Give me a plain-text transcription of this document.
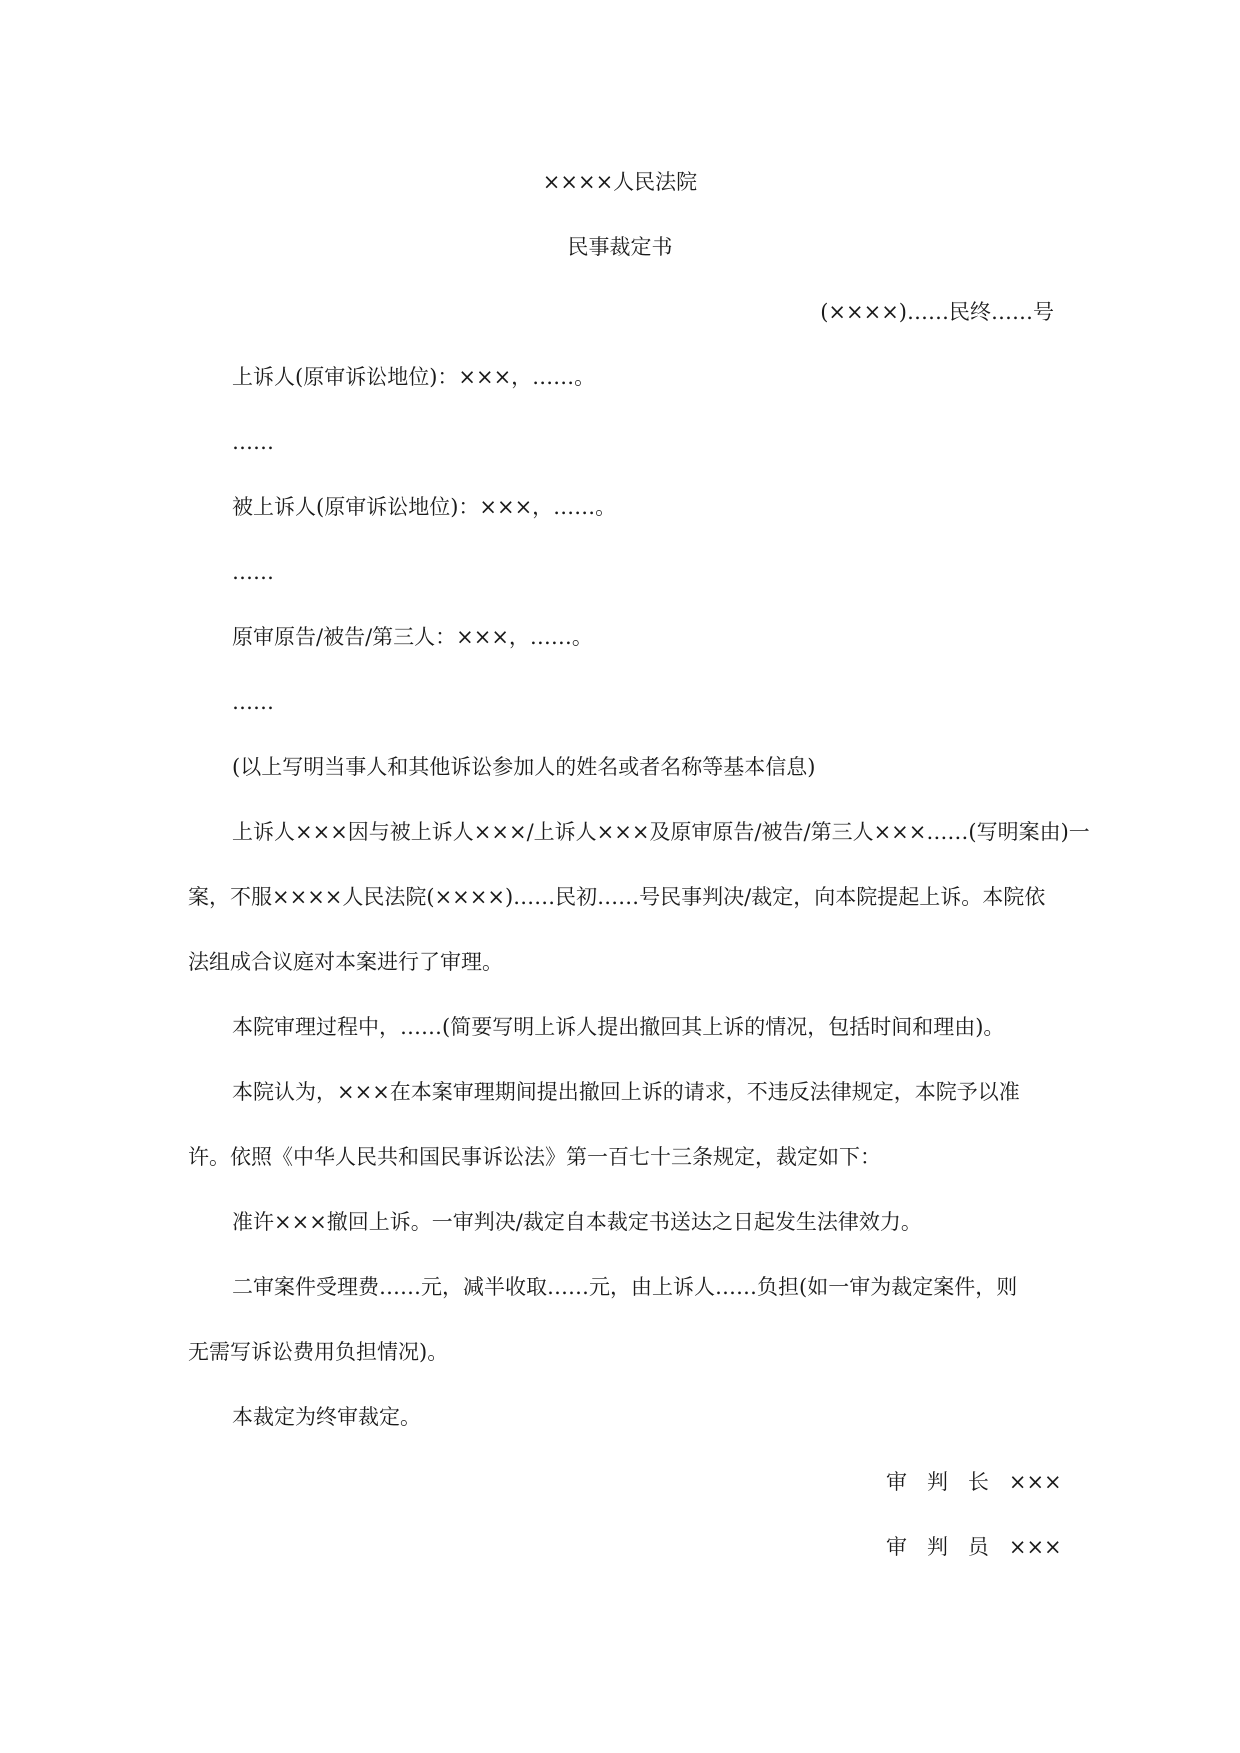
××××人民法院
民事裁定书
(××××)……民终……号
上诉人(原审诉讼地位)：×××，……。
……
被上诉人(原审诉讼地位)：×××，……。
……
原审原告/被告/第三人：×××，……。
……
(以上写明当事人和其他诉讼参加人的姓名或者名称等基本信息)
上诉人×××因与被上诉人×××/上诉人×××及原审原告/被告/第三人×××……(写明案由)一
案，不服××××人民法院(××××)……民初……号民事判决/裁定，向本院提起上诉。本院依
法组成合议庭对本案进行了审理。
本院审理过程中，……(简要写明上诉人提出撤回其上诉的情况，包括时间和理由)。
本院认为，×××在本案审理期间提出撤回上诉的请求，不违反法律规定，本院予以准
许。依照《中华人民共和国民事诉讼法》第一百七十三条规定，裁定如下：
准许×××撤回上诉。一审判决/裁定自本裁定书送达之日起发生法律效力。
二审案件受理费……元，减半收取……元，由上诉人……负担(如一审为裁定案件，则
无需写诉讼费用负担情况)。
本裁定为终审裁定。
审判长 ×××
审判员 ×××
